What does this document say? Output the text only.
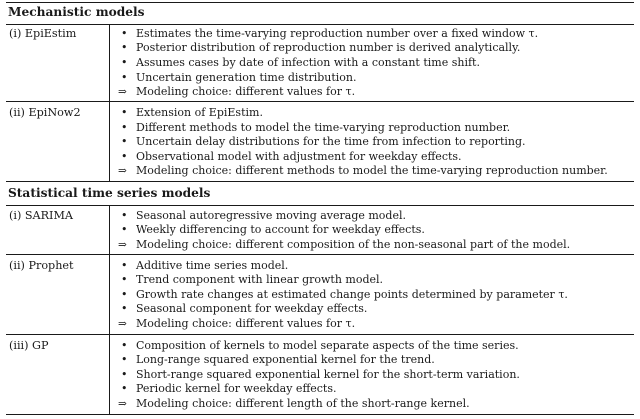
Mechanistic models
(i) EpiEstim	• Estimates the time-varying reproduction number over a fixed window τ.
• Posterior distribution of reproduction number is derived analytically.
• Assumes cases by date of infection with a constant time shift.
• Uncertain generation time distribution.
⇒ Modeling choice: different values for τ.
(ii) EpiNow2	• Extension of EpiEstim.
• Different methods to model the time-varying reproduction number.
• Uncertain delay distributions for the time from infection to reporting.
• Observational model with adjustment for weekday effects.
⇒ Modeling choice: different methods to model the time-varying reproduction number.
Statistical time series models
(i) SARIMA	• Seasonal autoregressive moving average model.
• Weekly differencing to account for weekday effects.
⇒ Modeling choice: different composition of the non-seasonal part of the model.
(ii) Prophet	• Additive time series model.
• Trend component with linear growth model.
• Growth rate changes at estimated change points determined by parameter τ.
• Seasonal component for weekday effects.
⇒ Modeling choice: different values for τ.
(iii) GP	• Composition of kernels to model separate aspects of the time series.
• Long-range squared exponential kernel for the trend.
• Short-range squared exponential kernel for the short-term variation.
• Periodic kernel for weekday effects.
⇒ Modeling choice: different length of the short-range kernel.
